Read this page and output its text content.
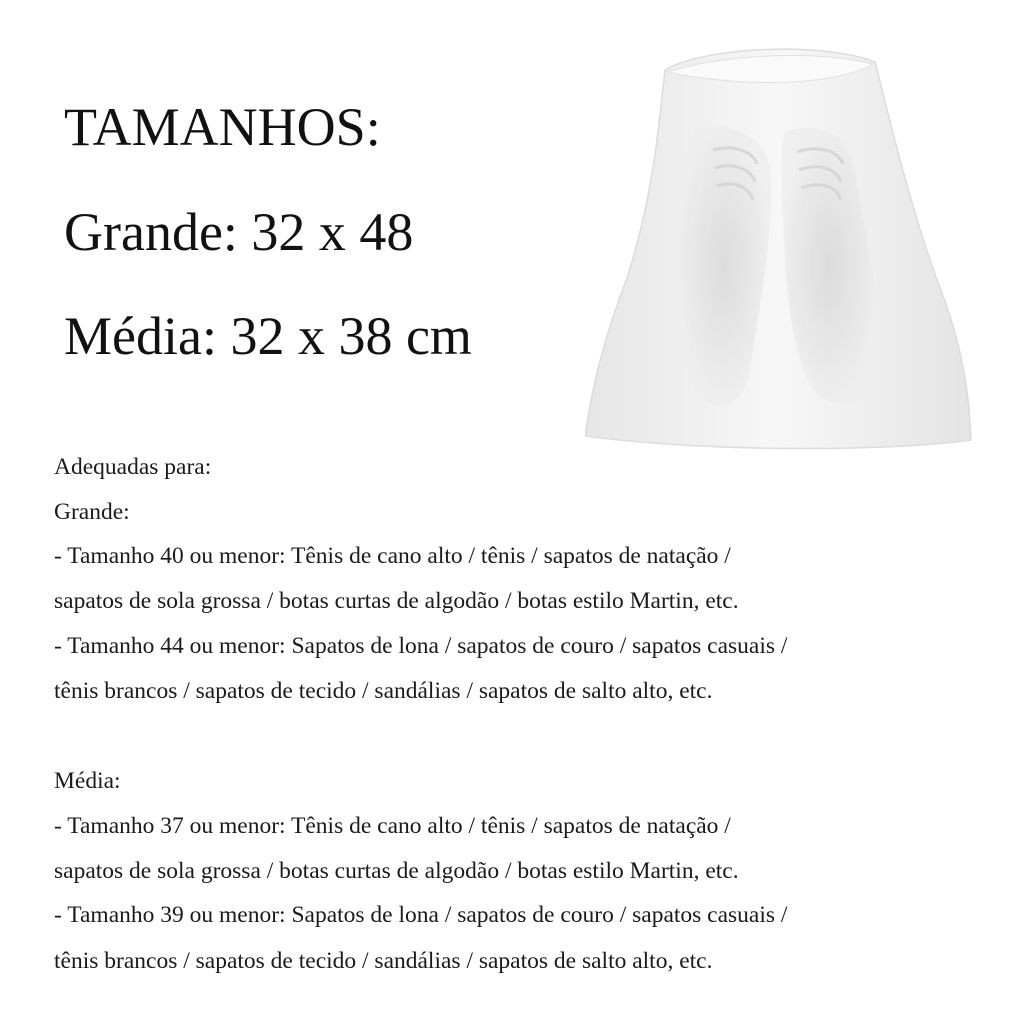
TAMANHOS:
Grande: 32 x 48
Média: 32 x 38 cm
Adequadas para:
Grande:
- Tamanho 40 ou menor: Tênis de cano alto / tênis / sapatos de natação /
sapatos de sola grossa / botas curtas de algodão / botas estilo Martin, etc.
- Tamanho 44 ou menor: Sapatos de lona / sapatos de couro / sapatos casuais /
tênis brancos / sapatos de tecido / sandálias / sapatos de salto alto, etc.
Média:
- Tamanho 37 ou menor: Tênis de cano alto / tênis / sapatos de natação /
sapatos de sola grossa / botas curtas de algodão / botas estilo Martin, etc.
- Tamanho 39 ou menor: Sapatos de lona / sapatos de couro / sapatos casuais /
tênis brancos / sapatos de tecido / sandálias / sapatos de salto alto, etc.
